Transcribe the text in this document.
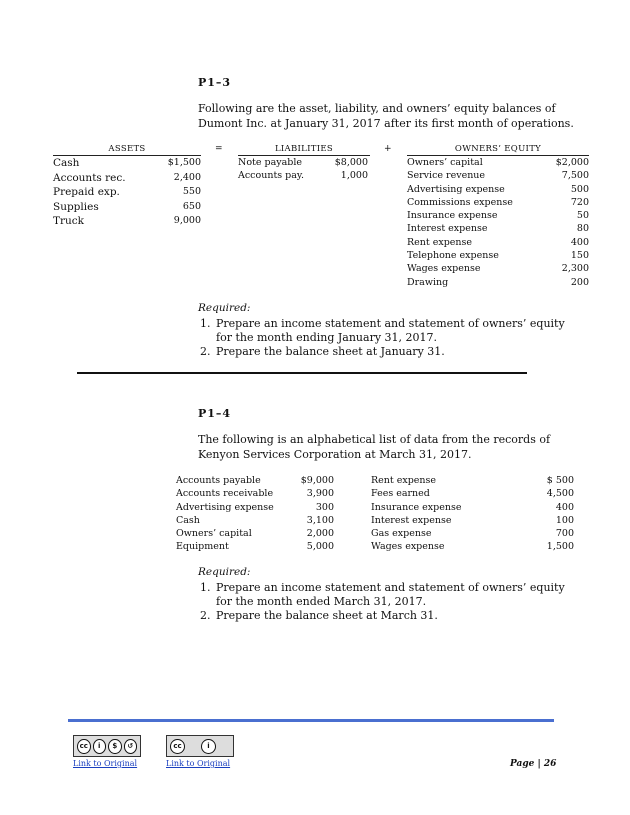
P1–3
Following are the asset, liability, and owners’ equity balances of
Dumont Inc. at January 31, 2017 after its first month of operations.
ASSETS	=	LIABILITIES	+	OWNERS’ EQUITY
Cash	$1,500
Accounts rec.	2,400
Prepaid exp.	550
Supplies	650
Truck	9,000
Note payable	$8,000
Accounts pay.	1,000
Owners’ capital	$2,000
Service revenue	7,500
Advertising expense	500
Commissions expense	720
Insurance expense	50
Interest expense	80
Rent expense	400
Telephone expense	150
Wages expense	2,300
Drawing	200
Required:
1. Prepare an income statement and statement of owners’ equity
for the month ending January 31, 2017.
2. Prepare the balance sheet at January 31.
P1–4
The following is an alphabetical list of data from the records of
Kenyon Services Corporation at March 31, 2017.
Accounts payable	$9,000
Accounts receivable	3,900
Advertising expense	300
Cash	3,100
Owners’ capital	2,000
Equipment	5,000
Rent expense	$ 500
Fees earned	4,500
Insurance expense	400
Interest expense	100
Gas expense	700
Wages expense	1,500
Required:
1. Prepare an income statement and statement of owners’ equity
for the month ended March 31, 2017.
2. Prepare the balance sheet at March 31.
cc	i	$	↺	cc	i
Link to Original	Link to Original	Page | 26
